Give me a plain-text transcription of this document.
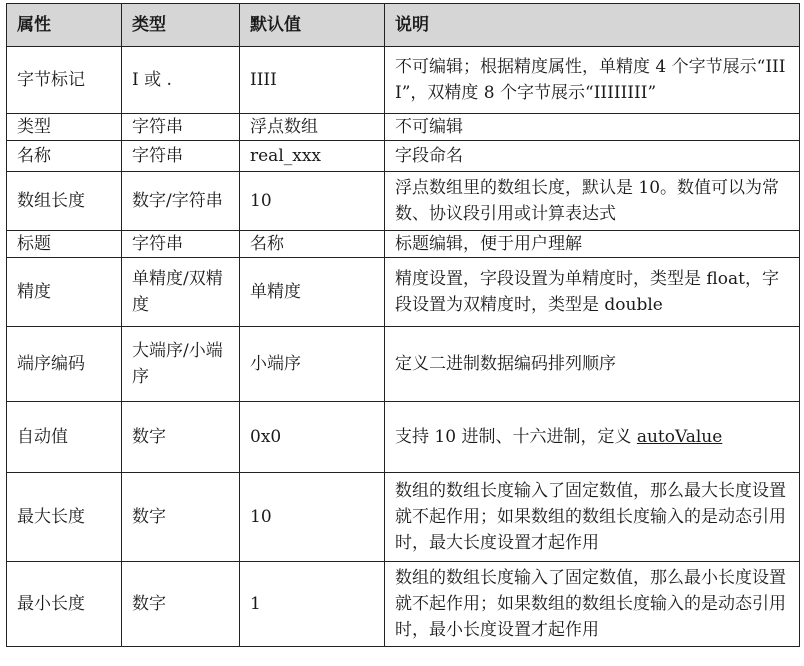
属性	类型	默认值	说明
字节标记	I 或 .	IIII	不可编辑；根据精度属性，单精度 4 个字节展示“IIII”，双精度 8 个字节展示“IIIIIIII”
类型	字符串	浮点数组	不可编辑
名称	字符串	real_xxx	字段命名
数组长度	数字/字符串	10	浮点数组里的数组长度，默认是 10。数值可以为常数、协议段引用或计算表达式
标题	字符串	名称	标题编辑，便于用户理解
精度	单精度/双精度	单精度	精度设置，字段设置为单精度时，类型是 float，字段设置为双精度时，类型是 double
端序编码	大端序/小端序	小端序	定义二进制数据编码排列顺序
自动值	数字	0x0	支持 10 进制、十六进制，定义 autoValue
最大长度	数字	10	数组的数组长度输入了固定数值，那么最大长度设置就不起作用；如果数组的数组长度输入的是动态引用时，最大长度设置才起作用
最小长度	数字	1	数组的数组长度输入了固定数值，那么最小长度设置就不起作用；如果数组的数组长度输入的是动态引用时，最小长度设置才起作用
